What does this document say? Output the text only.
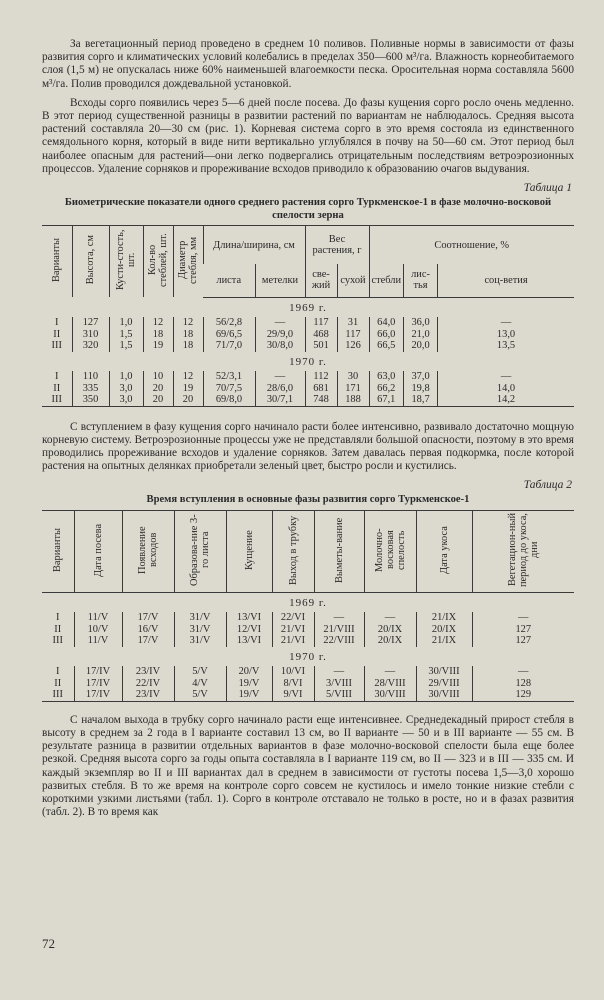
За вегетационный период проведено в среднем 10 поливов. Поливные нормы в зависимости от фазы развития сорго и климатических условий колебались в пределах 350—600 м³/га. Влажность корнеобитаемого слоя (1,5 м) не опускалась ниже 60% наименьшей влагоемкости песка. Оросительная норма составляла 5600 м³/га. Полив проводился дождевальной установкой.

Всходы сорго появились через 5—6 дней после посева. До фазы кущения сорго росло очень медленно. В этот период существенной разницы в развитии растений по вариантам не наблюдалось. Средняя высота растений составляла 20—30 см (рис. 1). Корневая система сорго в это время состояла из единственного семядольного корня, который в виде нити вертикально углублялся в почву на 50—60 см. Этот период был наиболее опасным для растений—они легко подвергались отрицательным последствиям ветроэрозионных процессов. Удаление сорняков и прореживание всходов приводило к образованию очагов выдувания.

Таблица 1
Биометрические показатели одного среднего растения сорго Туркменское-1 в фазе молочно-восковой спелости зерна
Варианты	Высота, см	Кусти-стость, шт.	Кол-во стеблей, шт.	Диаметр стебля, мм	Длина/ширина, см		Вес растения, г		Соотношение, %		
					листа	метелки	све-жий	сухой	стебли	лис-тья	соц-ветия
1969 г.											
I	127	1,0	12	12	56/2,8	—	117	31	64,0	36,0	—
II	310	1,5	18	18	69/6,5	29/9,0	468	117	66,0	21,0	13,0
III	320	1,5	19	18	71/7,0	30/8,0	501	126	66,5	20,0	13,5
1970 г.											
I	110	1,0	10	12	52/3,1	—	112	30	63,0	37,0	—
II	335	3,0	20	19	70/7,5	28/6,0	681	171	66,2	19,8	14,0
III	350	3,0	20	20	69/8,0	30/7,1	748	188	67,1	18,7	14,2

С вступлением в фазу кущения сорго начинало расти более интенсивно, развивало достаточно мощную корневую систему. Ветроэрозионные процессы уже не представляли большой опасности, поэтому в это время проводились прореживание всходов и удаление сорняков. Затем давалась первая подкормка, после которой растения на опытных делянках приобретали зеленый цвет, быстро росли и кустились.

Таблица 2
Время вступления в основные фазы развития сорго Туркменское-1
Варианты	Дата посева	Появление всходов	Образова-ние 3-го листа	Кущение	Выход в трубку	Выметы-вание	Молочно-восковая спелость	Дата укоса	Вегетацион-ный период до укоса, дни
1969 г.									
I	11/V	17/V	31/V	13/VI	22/VI	—	—	21/IX	—
II	10/V	16/V	31/V	12/VI	21/VI	21/VIII	20/IX	20/IX	127
III	11/V	17/V	31/V	13/VI	21/VI	22/VIII	20/IX	21/IX	127
1970 г.									
I	17/IV	23/IV	5/V	20/V	10/VI	—	—	30/VIII	—
II	17/IV	22/IV	4/V	19/V	8/VI	3/VIII	28/VIII	29/VIII	128
III	17/IV	23/IV	5/V	19/V	9/VI	5/VIII	30/VIII	30/VIII	129

С началом выхода в трубку сорго начинало расти еще интенсивнее. Среднедекадный прирост стебля в высоту в среднем за 2 года в I варианте составил 13 см, во II варианте — 50 и в III варианте — 55 см. В результате разница в развитии отдельных вариантов в фазе молочно-восковой спелости была еще более резкой. Средняя высота сорго за годы опыта составляла в I варианте 119 см, во II — 323 и в III — 335 см. И каждый экземпляр во II и III вариантах дал в среднем в зависимости от густоты посева 1,5—3,0 хорошо развитых стебля. В то же время на контроле сорго совсем не кустилось и имело тонкие низкие стебли с короткими узкими листьями (табл. 1). Сорго в контроле отставало не только в росте, но и в фазах развития (табл. 2). В то время как

72
